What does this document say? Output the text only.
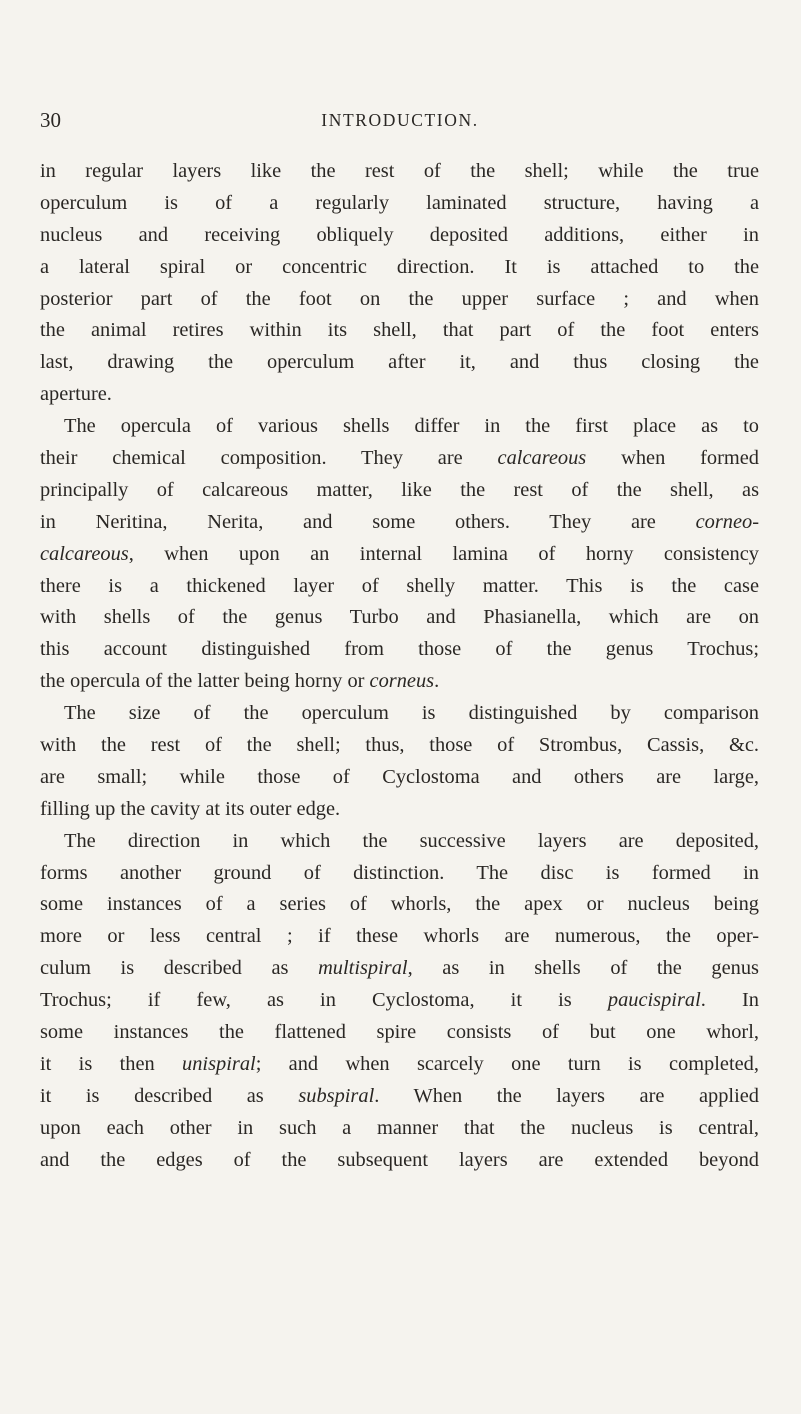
30	INTRODUCTION.
in regular layers like the rest of the shell; while the true
operculum is of a regularly laminated structure, having a
nucleus and receiving obliquely deposited additions, either in
a lateral spiral or concentric direction. It is attached to the
posterior part of the foot on the upper surface ; and when
the animal retires within its shell, that part of the foot enters
last, drawing the operculum after it, and thus closing the
aperture.
The opercula of various shells differ in the first place as to
their chemical composition. They are calcareous when formed
principally of calcareous matter, like the rest of the shell, as
in Neritina, Nerita, and some others. They are corneo-
calcareous, when upon an internal lamina of horny consistency
there is a thickened layer of shelly matter. This is the case
with shells of the genus Turbo and Phasianella, which are on
this account distinguished from those of the genus Trochus;
the opercula of the latter being horny or corneus.
The size of the operculum is distinguished by comparison
with the rest of the shell; thus, those of Strombus, Cassis, &c.
are small; while those of Cyclostoma and others are large,
filling up the cavity at its outer edge.
The direction in which the successive layers are deposited,
forms another ground of distinction. The disc is formed in
some instances of a series of whorls, the apex or nucleus being
more or less central ; if these whorls are numerous, the oper-
culum is described as multispiral, as in shells of the genus
Trochus; if few, as in Cyclostoma, it is paucispiral. In
some instances the flattened spire consists of but one whorl,
it is then unispiral; and when scarcely one turn is completed,
it is described as subspiral. When the layers are applied
upon each other in such a manner that the nucleus is central,
and the edges of the subsequent layers are extended beyond
